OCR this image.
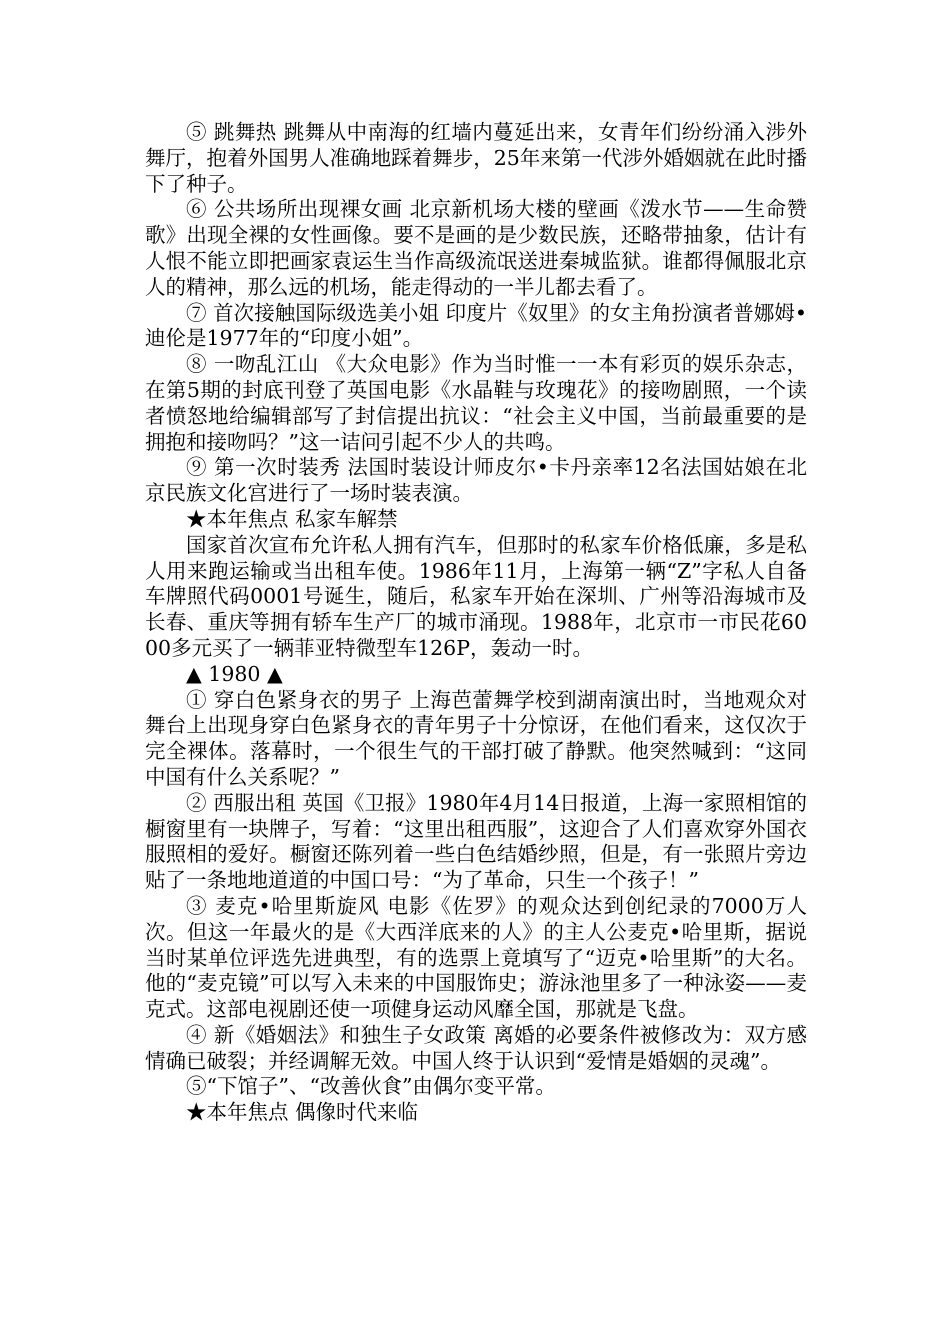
⑤ 跳舞热 跳舞从中南海的红墙内蔓延出来，女青年们纷纷涌入涉外舞厅，抱着外国男人准确地踩着舞步，25年来第一代涉外婚姻就在此时播下了种子。

⑥ 公共场所出现裸女画 北京新机场大楼的壁画《泼水节——生命赞歌》出现全裸的女性画像。要不是画的是少数民族，还略带抽象，估计有人恨不能立即把画家袁运生当作高级流氓送进秦城监狱。谁都得佩服北京人的精神，那么远的机场，能走得动的一半儿都去看了。

⑦ 首次接触国际级选美小姐 印度片《奴里》的女主角扮演者普娜姆•迪伦是1977年的“印度小姐”。

⑧ 一吻乱江山 《大众电影》作为当时惟一一本有彩页的娱乐杂志，在第5期的封底刊登了英国电影《水晶鞋与玫瑰花》的接吻剧照，一个读者愤怒地给编辑部写了封信提出抗议：“社会主义中国，当前最重要的是拥抱和接吻吗？”这一诘问引起不少人的共鸣。

⑨ 第一次时装秀 法国时装设计师皮尔•卡丹亲率12名法国姑娘在北京民族文化宫进行了一场时装表演。

★本年焦点 私家车解禁

国家首次宣布允许私人拥有汽车，但那时的私家车价格低廉，多是私人用来跑运输或当出租车使。1986年11月，上海第一辆“Z”字私人自备车牌照代码0001号诞生，随后，私家车开始在深圳、广州等沿海城市及长春、重庆等拥有轿车生产厂的城市涌现。1988年，北京市一市民花6000多元买了一辆菲亚特微型车126P，轰动一时。

▲ 1980 ▲

① 穿白色紧身衣的男子 上海芭蕾舞学校到湖南演出时，当地观众对舞台上出现身穿白色紧身衣的青年男子十分惊讶，在他们看来，这仅次于完全裸体。落幕时，一个很生气的干部打破了静默。他突然喊到：“这同中国有什么关系呢？”

② 西服出租 英国《卫报》1980年4月14日报道，上海一家照相馆的橱窗里有一块牌子，写着：“这里出租西服”，这迎合了人们喜欢穿外国衣服照相的爱好。橱窗还陈列着一些白色结婚纱照，但是，有一张照片旁边贴了一条地地道道的中国口号：“为了革命，只生一个孩子！”

③ 麦克•哈里斯旋风 电影《佐罗》的观众达到创纪录的7000万人次。但这一年最火的是《大西洋底来的人》的主人公麦克•哈里斯，据说当时某单位评选先进典型，有的选票上竟填写了“迈克•哈里斯”的大名。他的“麦克镜”可以写入未来的中国服饰史；游泳池里多了一种泳姿——麦克式。这部电视剧还使一项健身运动风靡全国，那就是飞盘。

④ 新《婚姻法》和独生子女政策 离婚的必要条件被修改为：双方感情确已破裂；并经调解无效。中国人终于认识到“爱情是婚姻的灵魂”。

⑤“下馆子”、“改善伙食”由偶尔变平常。

★本年焦点 偶像时代来临
